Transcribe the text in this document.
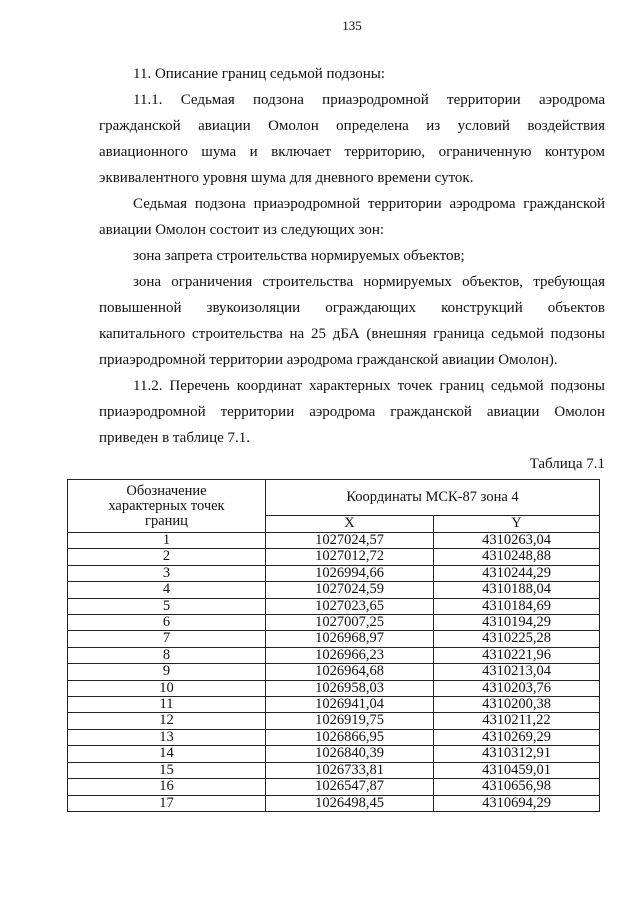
135

11. Описание границ седьмой подзоны:

11.1. Седьмая подзона приаэродромной территории аэродрома гражданской авиации Омолон определена из условий воздействия авиационного шума и включает территорию, ограниченную контуром эквивалентного уровня шума для дневного времени суток.

Седьмая подзона приаэродромной территории аэродрома гражданской авиации Омолон состоит из следующих зон:

зона запрета строительства нормируемых объектов;

зона ограничения строительства нормируемых объектов, требующая повышенной звукоизоляции ограждающих конструкций объектов капитального строительства на 25 дБА (внешняя граница седьмой подзоны приаэродромной территории аэродрома гражданской авиации Омолон).

11.2. Перечень координат характерных точек границ седьмой подзоны приаэродромной территории аэродрома гражданской авиации Омолон приведен в таблице 7.1.

Таблица 7.1
Обозначение характерных точек границ	Координаты МСК-87 зона 4	
	X	Y
1	1027024,57	4310263,04
2	1027012,72	4310248,88
3	1026994,66	4310244,29
4	1027024,59	4310188,04
5	1027023,65	4310184,69
6	1027007,25	4310194,29
7	1026968,97	4310225,28
8	1026966,23	4310221,96
9	1026964,68	4310213,04
10	1026958,03	4310203,76
11	1026941,04	4310200,38
12	1026919,75	4310211,22
13	1026866,95	4310269,29
14	1026840,39	4310312,91
15	1026733,81	4310459,01
16	1026547,87	4310656,98
17	1026498,45	4310694,29
